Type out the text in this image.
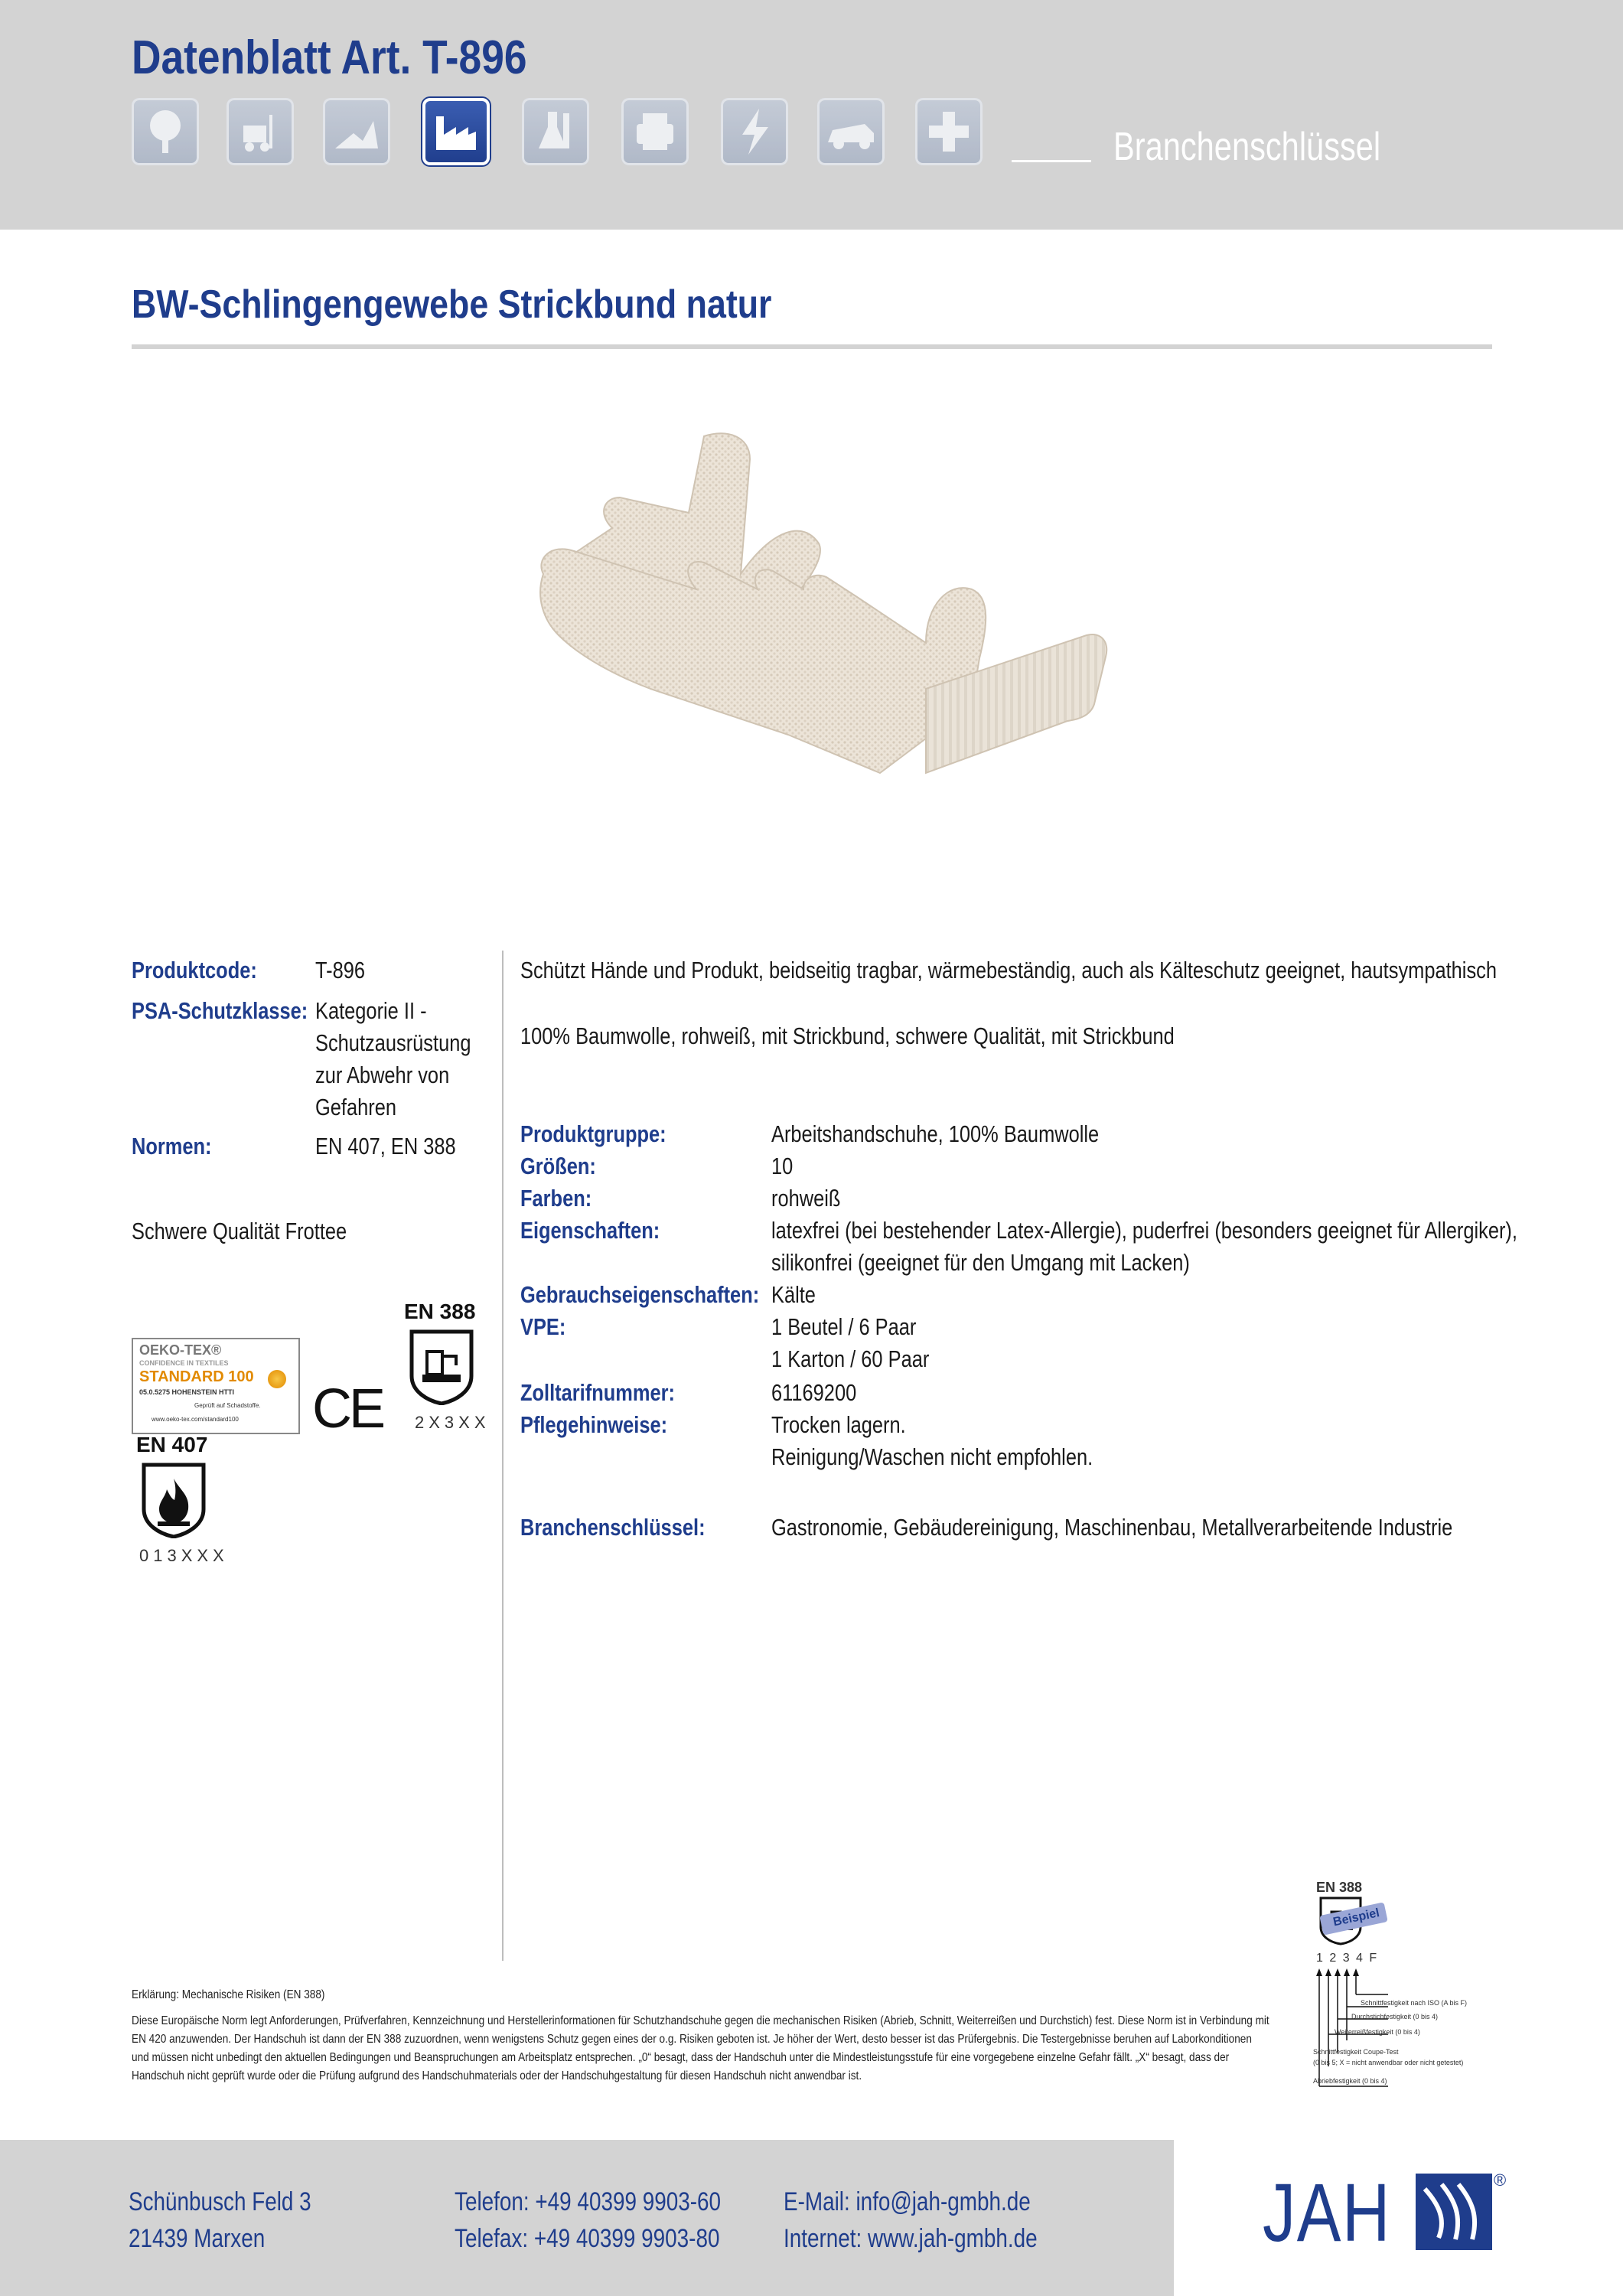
Datenblatt Art. T-896
Branchenschlüssel
BW-Schlingengewebe Strickbund natur
Produktcode: T-896
PSA-Schutzklasse: Kategorie II -
Schutzausrüstung
zur Abwehr von
Gefahren
Normen:	EN 407, EN 388
Schwere Qualität Frottee
EN 388
2X3XX
OEKO-TEX®
CONFIDENCE IN TEXTILES
STANDARD 100
05.0.5275 HOHENSTEIN HTTI
Geprüft auf Schadstoffe.
www.oeko-tex.com/standard100 CE
EN 407
013XXX
Schützt Hände und Produkt, beidseitig tragbar, wärmebeständig, auch als Kälteschutz geeignet, hautsympathisch
100% Baumwolle, rohweiß, mit Strickbund, schwere Qualität, mit Strickbund
Produktgruppe:	Arbeitshandschuhe, 100% Baumwolle
Größen:	10
Farben:	rohweiß
Eigenschaften:	latexfrei (bei bestehender Latex-Allergie), puderfrei (besonders geeignet für Allergiker),
silikonfrei (geeignet für den Umgang mit Lacken)
Gebrauchseigenschaften: Kälte
VPE:	1 Beutel / 6 Paar
1 Karton / 60 Paar
Zolltarifnummer:	61169200
Pflegehinweise:	Trocken lagern.
Reinigung/Waschen nicht empfohlen.
Branchenschlüssel:	Gastronomie, Gebäudereinigung, Maschinenbau, Metallverarbeitende Industrie
EN 388
Beispiel
1 2 3 4 F
Schnittfestigkeit nach ISO (A bis F)
Durchstichfestigkeit (0 bis 4)
Weiterreißfestigkeit (0 bis 4)
Schnittfestigkeit Coupe-Test
(0 bis 5; X = nicht anwendbar oder nicht getestet)
Abriebfestigkeit (0 bis 4)
Erklärung: Mechanische Risiken (EN 388)
Diese Europäische Norm legt Anforderungen, Prüfverfahren, Kennzeichnung und Herstellerinformationen für Schutzhandschuhe gegen die mechanischen Risiken (Abrieb, Schnitt, Weiterreißen und Durchstich) fest. Diese Norm ist in Verbindung mit
EN 420 anzuwenden. Der Handschuh ist dann der EN 388 zuzuordnen, wenn wenigstens Schutz gegen eines der o.g. Risiken geboten ist. Je höher der Wert, desto besser ist das Prüfergebnis. Die Testergebnisse beruhen auf Laborkonditionen
und müssen nicht unbedingt den aktuellen Bedingungen und Beanspruchungen am Arbeitsplatz entsprechen. „0“ besagt, dass der Handschuh unter die Mindestleistungsstufe für eine vorgegebene einzelne Gefahr fällt. „X“ besagt, dass der
Handschuh nicht geprüft wurde oder die Prüfung aufgrund des Handschuhmaterials oder der Handschuhgestaltung für diesen Handschuh nicht anwendbar ist.
Schünbusch Feld 3
21439 Marxen
Telefon: +49 40399 9903-60
Telefax: +49 40399 9903-80
E-Mail: info@jah-gmbh.de
Internet: www.jah-gmbh.de	JAH	®
